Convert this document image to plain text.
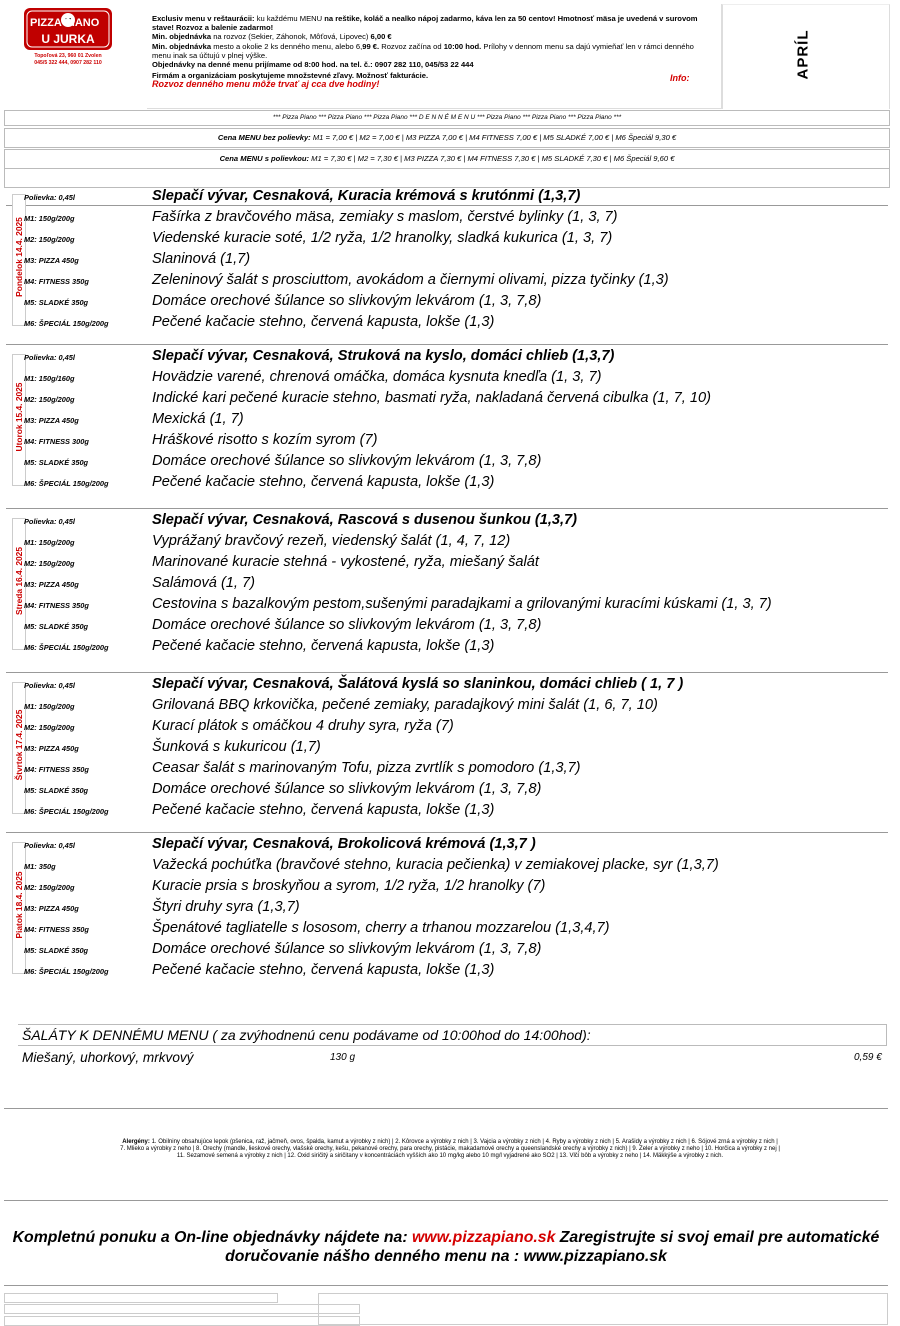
PIZZA PIANO
U JURKA
Topoľová 23, 960 01 Zvolen
045/5 322 444, 0907 282 110
Exclusiv menu v reštaurácii: ku každému MENU na reštike, koláč a nealko nápoj zadarmo, káva len za 50 centov! Hmotnosť mäsa je uvedená v surovom stave! Rozvoz a balenie zadarmo!
Min. objednávka na rozvoz (Sekier, Záhonok, Môťová, Lipovec) 6,00 €
Min. objednávka mesto a okolie 2 ks denného menu, alebo 6,99 €. Rozvoz začína od 10:00 hod. Prílohy v dennom menu sa dajú vymieňať len v rámci denného menu inak sa účtujú v plnej výške.
Objednávky na denné menu prijímame od 8:00 hod. na tel. č.: 0907 282 110, 045/53 22 444
Firmám a organizáciam poskytujeme množstevné zľavy. Možnosť fakturácie.
Rozvoz denného menu môže trvať aj cca dve hodiny!
Info:	APRÍL
*** Pizza Piano *** Pizza Piano *** Pizza Piano *** D E N N É M E N U *** Pizza Piano *** Pizza Piano *** Pizza Piano ***
Cena MENU bez polievky: M1 = 7,00 € | M2 = 7,00 € | M3 PIZZA 7,00 € | M4 FITNESS 7,00 € | M5 SLADKÉ 7,00 € | M6 Špeciál 9,30 €
Cena MENU s polievkou: M1 = 7,30 € | M2 = 7,30 € | M3 PIZZA 7,30 € | M4 FITNESS 7,30 € | M5 SLADKÉ 7,30 € | M6 Špeciál 9,60 €
Pondelok 14.4. 2025
Polievka: 0,45l	Slepačí vývar, Cesnaková, Kuracia krémová s krutónmi (1,3,7)
M1: 150g/200g	Fašírka z bravčového mäsa, zemiaky s maslom, čerstvé bylinky (1, 3, 7)
M2: 150g/200g	Viedenské kuracie soté, 1/2 ryža, 1/2 hranolky, sladká kukurica (1, 3, 7)
M3: PIZZA 450g	Slaninová (1,7)
M4: FITNESS 350g	Zeleninový šalát s prosciuttom, avokádom a čiernymi olivami, pizza tyčinky (1,3)
M5: SLADKÉ 350g	Domáce orechové šúlance so slivkovým lekvárom (1, 3, 7,8)
M6: ŠPECIÁL 150g/200g	Pečené kačacie stehno, červená kapusta, lokše (1,3)
Utorok 15.4. 2025
Polievka: 0,45l	Slepačí vývar, Cesnaková, Struková na kyslo, domáci chlieb (1,3,7)
M1: 150g/160g	Hovädzie varené, chrenová omáčka, domáca kysnuta knedľa (1, 3, 7)
M2: 150g/200g	Indické kari pečené kuracie stehno, basmati ryža, nakladaná červená cibulka (1, 7, 10)
M3: PIZZA 450g	Mexická (1, 7)
M4: FITNESS 300g	Hráškové risotto s kozím syrom (7)
M5: SLADKÉ 350g	Domáce orechové šúlance so slivkovým lekvárom (1, 3, 7,8)
M6: ŠPECIÁL 150g/200g	Pečené kačacie stehno, červená kapusta, lokše (1,3)
Streda 16.4. 2025
Polievka: 0,45l	Slepačí vývar, Cesnaková, Rascová s dusenou šunkou (1,3,7)
M1: 150g/200g	Vyprážaný bravčový rezeň, viedenský šalát (1, 4, 7, 12)
M2: 150g/200g	Marinované kuracie stehná - vykostené, ryža, miešaný šalát
M3: PIZZA 450g	Salámová (1, 7)
M4: FITNESS 350g	Cestovina s bazalkovým pestom,sušenými paradajkami a grilovanými kuracími kúskami (1, 3, 7)
M5: SLADKÉ 350g	Domáce orechové šúlance so slivkovým lekvárom (1, 3, 7,8)
M6: ŠPECIÁL 150g/200g	Pečené kačacie stehno, červená kapusta, lokše (1,3)
Štvrtok 17.4. 2025
Polievka: 0,45l	Slepačí vývar, Cesnaková, Šalátová kyslá so slaninkou, domáci chlieb ( 1, 7 )
M1: 150g/200g	Grilovaná BBQ krkovička, pečené zemiaky, paradajkový mini šalát (1, 6, 7, 10)
M2: 150g/200g	Kurací plátok s omáčkou 4 druhy syra, ryža (7)
M3: PIZZA 450g	Šunková s kukuricou (1,7)
M4: FITNESS 350g	Ceasar šalát s marinovaným Tofu, pizza zvrtlík s pomodoro (1,3,7)
M5: SLADKÉ 350g	Domáce orechové šúlance so slivkovým lekvárom (1, 3, 7,8)
M6: ŠPECIÁL 150g/200g	Pečené kačacie stehno, červená kapusta, lokše (1,3)
Piatok 18.4. 2025
Polievka: 0,45l	Slepačí vývar, Cesnaková, Brokolicová krémová (1,3,7 )
M1: 350g	Važecká pochúťka (bravčové stehno, kuracia pečienka) v zemiakovej placke, syr (1,3,7)
M2: 150g/200g	Kuracie prsia s broskyňou a syrom, 1/2 ryža, 1/2 hranolky (7)
M3: PIZZA 450g	Štyri druhy syra (1,3,7)
M4: FITNESS 350g	Špenátové tagliatelle s lososom, cherry a trhanou mozzarelou (1,3,4,7)
M5: SLADKÉ 350g	Domáce orechové šúlance so slivkovým lekvárom (1, 3, 7,8)
M6: ŠPECIÁL 150g/200g	Pečené kačacie stehno, červená kapusta, lokše (1,3)
ŠALÁTY K DENNÉMU MENU ( za zvýhodnenú cenu podávame od 10:00hod do 14:00hod):
Miešaný, uhorkový, mrkvový	130 g	0,59 €
Alergény: 1. Obilniny obsahujúce lepok (pšenica, raž, jačmeň, ovos, špalda, kamut a výrobky z nich) | 2. Kôrovce a výrobky z nich | 3. Vajcia a výrobky z nich | 4. Ryby a výrobky z nich | 5. Arašidy a výrobky z nich | 6. Sójové zrná a výrobky z nich | 7. Mlieko a výrobky z neho | 8. Orechy (mandle, lieskové orechy, vlašské orechy, kešu, pekanové orechy, para orechy, pistácie, makadamové orechy a queenslandské orechy a výrobky z nich) | 9. Zeler a výrobky z neho | 10. Horčica a výrobky z nej | 11. Sezamové semená a výrobky z nich | 12. Oxid siričitý a siričitany v koncentráciách vyšších ako 10 mg/kg alebo 10 mg/l vyjadrené ako SO2 | 13. Vlčí bôb a výrobky z neho | 14. Mäkkýše a výrobky z nich.
Kompletnú ponuku a On-line objednávky nájdete na: www.pizzapiano.sk Zaregistrujte si svoj email pre automatické doručovanie nášho denného menu na : www.pizzapiano.sk
